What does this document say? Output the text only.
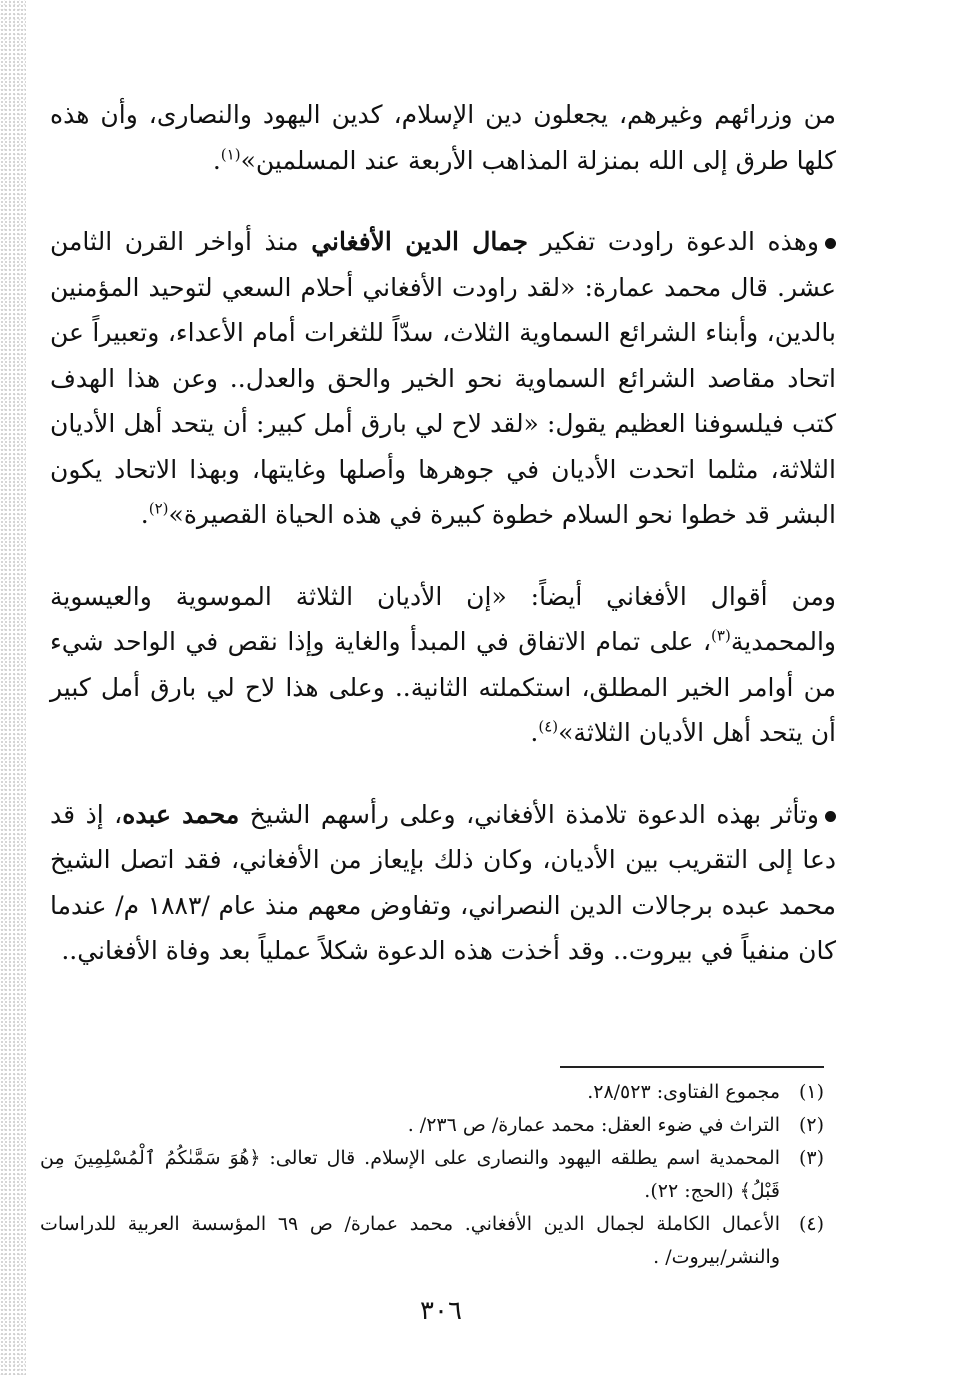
من وزرائهم وغيرهم، يجعلون دين الإسلام، كدين اليهود والنصارى، وأن هذه كلها طرق إلى الله بمنزلة المذاهب الأربعة عند المسلمين»$^{(١)}$.

وهذه الدعوة راودت تفكير جمال الدين الأفغاني منذ أواخر القرن الثامن عشر. قال محمد عمارة: «لقد راودت الأفغاني أحلام السعي لتوحيد المؤمنين بالدين، وأبناء الشرائع السماوية الثلاث، سدّاً للثغرات أمام الأعداء، وتعبيراً عن اتحاد مقاصد الشرائع السماوية نحو الخير والحق والعدل.. وعن هذا الهدف كتب فيلسوفنا العظيم يقول: «لقد لاح لي بارق أمل كبير: أن يتحد أهل الأديان الثلاثة، مثلما اتحدت الأديان في جوهرها وأصلها وغايتها، وبهذا الاتحاد يكون البشر قد خطوا نحو السلام خطوة كبيرة في هذه الحياة القصيرة»$^{(٢)}$.

ومن أقوال الأفغاني أيضاً: «إن الأديان الثلاثة الموسوية والعيسوية والمحمدية$^{(٣)}$، على تمام الاتفاق في المبدأ والغاية وإذا نقص في الواحد شيء من أوامر الخير المطلق، استكملته الثانية.. وعلى هذا لاح لي بارق أمل كبير أن يتحد أهل الأديان الثلاثة»$^{(٤)}$.

وتأثر بهذه الدعوة تلامذة الأفغاني، وعلى رأسهم الشيخ محمد عبده، إذ قد دعا إلى التقريب بين الأديان، وكان ذلك بإيعاز من الأفغاني، فقد اتصل الشيخ محمد عبده برجالات الدين النصراني، وتفاوض معهم منذ عام /١٨٨٣ م/ عندما كان منفياً في بيروت.. وقد أخذت هذه الدعوة شكلاً عملياً بعد وفاة الأفغاني..

(١)
مجموع الفتاوى: ٢٨/٥٢٣.

(٢)
التراث في ضوء العقل: محمد عمارة/ ص ٢٣٦/ .

(٣)
المحمدية اسم يطلقه اليهود والنصارى على الإسلام. قال تعالى: ﴿هُوَ سَمَّىٰكُمُ ٱلْمُسْلِمِينَ مِن قَبْلُ﴾ (الحج: ٢٢).

(٤)
الأعمال الكاملة لجمال الدين الأفغاني. محمد عمارة/ ص ٦٩ المؤسسة العربية للدراسات والنشر/بيروت/ .

٣٠٦
